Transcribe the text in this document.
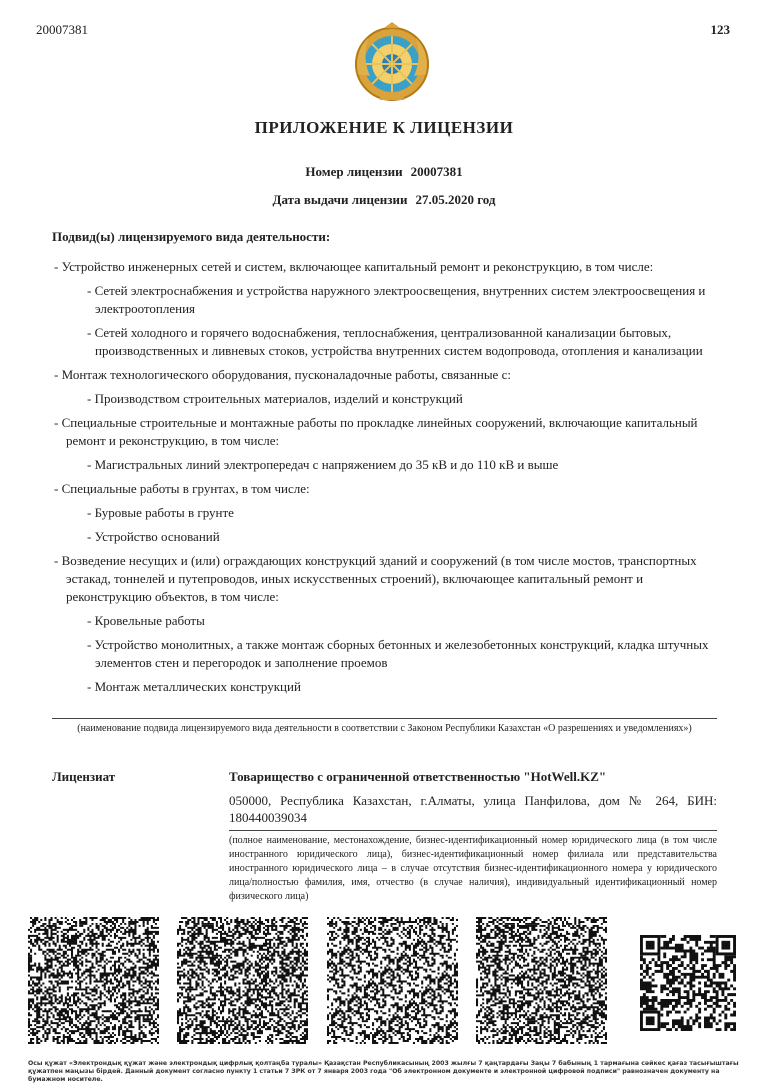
20007381	123
ПРИЛОЖЕНИЕ К ЛИЦЕНЗИИ
Номер лицензии 20007381
Дата выдачи лицензии 27.05.2020 год
Подвид(ы) лицензируемого вида деятельности:

- Устройство инженерных сетей и систем, включающее капитальный ремонт и реконструкцию, в том числе:

- Сетей электроснабжения и устройства наружного электроосвещения, внутренних систем электроосвещения и электроотопления

- Сетей холодного и горячего водоснабжения, теплоснабжения, централизованной канализации бытовых, производственных и ливневых стоков, устройства внутренних систем водопровода, отопления и канализации

- Монтаж технологического оборудования, пусконаладочные работы, связанные с:

- Производством строительных материалов, изделий и конструкций

- Специальные строительные и монтажные работы по прокладке линейных сооружений, включающие капитальный ремонт и реконструкцию, в том числе:

- Магистральных линий электропередач с напряжением до 35 кВ и до 110 кВ и выше

- Специальные работы в грунтах, в том числе:

- Буровые работы в грунте

- Устройство оснований

- Возведение несущих и (или) ограждающих конструкций зданий и сооружений (в том числе мостов, транспортных эстакад, тоннелей и путепроводов, иных искусственных строений), включающее капитальный ремонт и реконструкцию объектов, в том числе:

- Кровельные работы

- Устройство монолитных, а также монтаж сборных бетонных и железобетонных конструкций, кладка штучных элементов стен и перегородок и заполнение проемов

- Монтаж металлических конструкций

(наименование подвида лицензируемого вида деятельности в соответствии с Законом Республики Казахстан «О разрешениях и уведомлениях»)
Лицензиат	Товарищество с ограниченной ответственностью "HotWell.KZ"
050000, Республика Казахстан, г.Алматы, улица Панфилова, дом № 264, БИН: 180440039034
(полное наименование, местонахождение, бизнес-идентификационный номер юридического лица (в том числе иностранного юридического лица), бизнес-идентификационный номер филиала или представительства иностранного юридического лица – в случае отсутствия бизнес-идентификационного номера у юридического лица/полностью фамилия, имя, отчество (в случае наличия), индивидуальный идентификационный номер физического лица)
Осы құжат «Электрондық құжат және электрондық цифрлық қолтаңба туралы» Қазақстан Республикасының 2003 жылғы 7 қаңтардағы Заңы 7 бабының 1 тармағына сәйкес қағаз тасығыштағы құжатпен маңызы бірдей. Данный документ согласно пункту 1 статьи 7 ЗРК от 7 января 2003 года "Об электронном документе и электронной цифровой подписи" равнозначен документу на бумажном носителе.
